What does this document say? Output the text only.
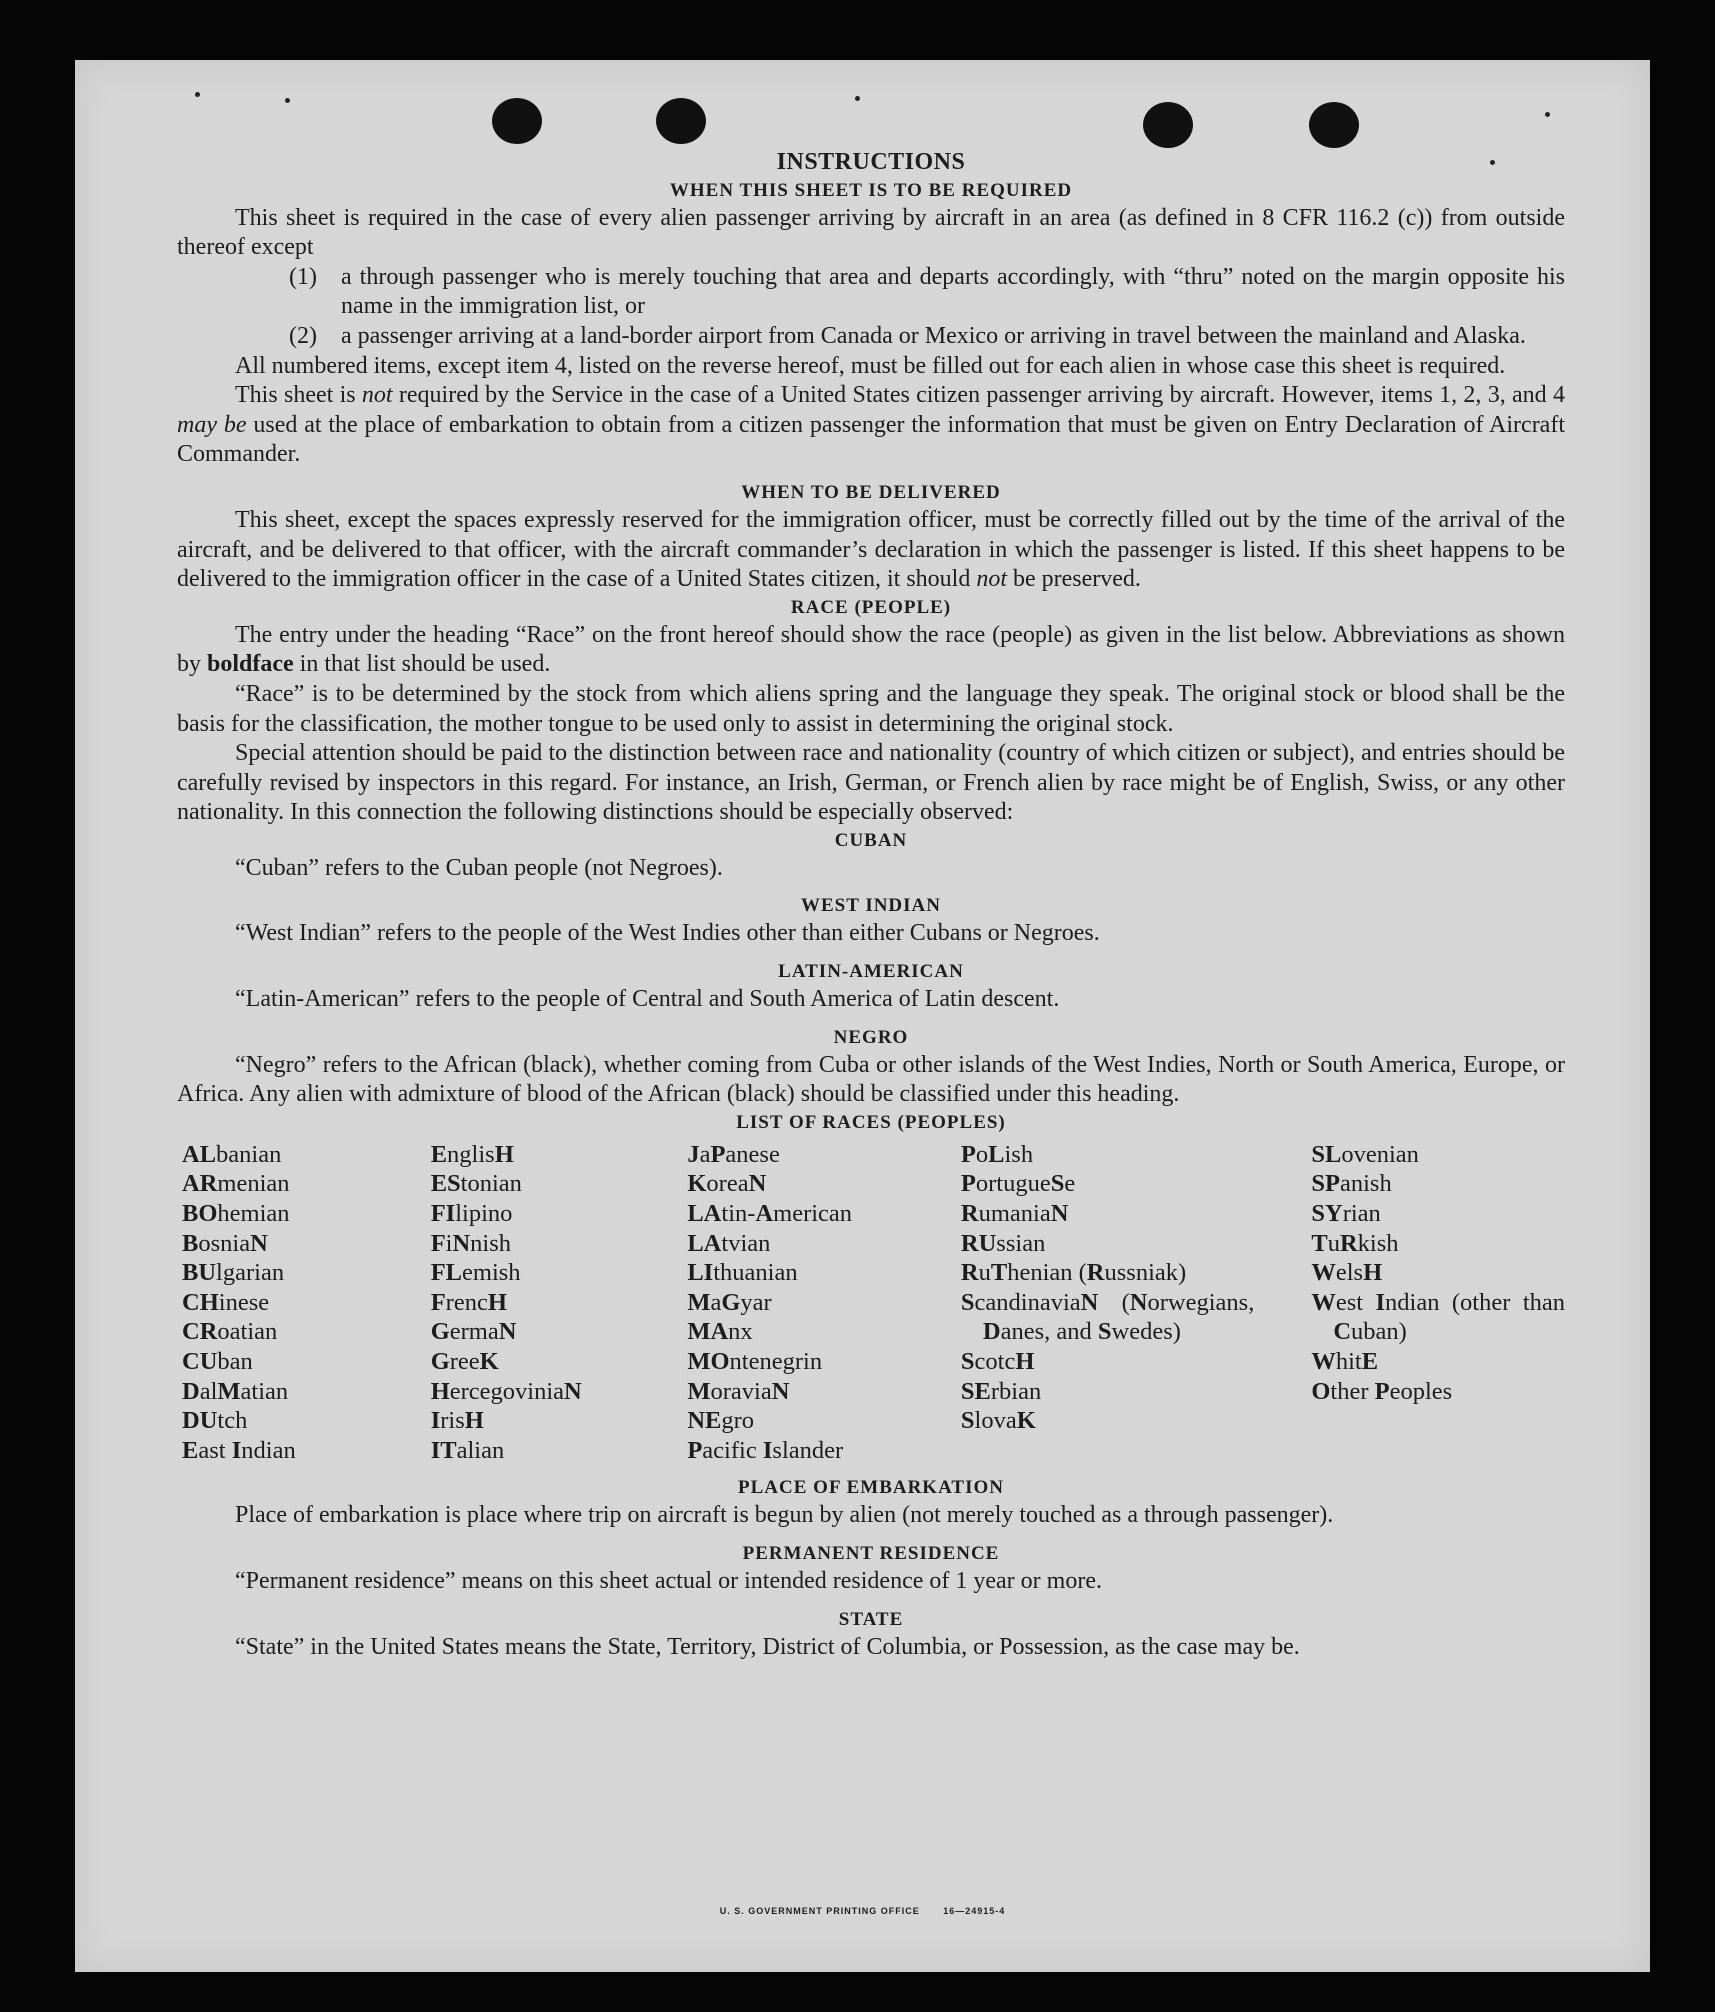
INSTRUCTIONS
WHEN THIS SHEET IS TO BE REQUIRED

This sheet is required in the case of every alien passenger arriving by aircraft in an area (as defined in 8 CFR 116.2 (c)) from outside thereof except

(1)	a through passenger who is merely touching that area and departs accordingly, with “thru” noted on the margin opposite his name in the immigration list, or
(2)	a passenger arriving at a land-border airport from Canada or Mexico or arriving in travel between the mainland and Alaska.

All numbered items, except item 4, listed on the reverse hereof, must be filled out for each alien in whose case this sheet is required.

This sheet is not required by the Service in the case of a United States citizen passenger arriving by aircraft. However, items 1, 2, 3, and 4 may be used at the place of embarkation to obtain from a citizen passenger the information that must be given on Entry Declaration of Aircraft Commander.

WHEN TO BE DELIVERED

This sheet, except the spaces expressly reserved for the immigration officer, must be correctly filled out by the time of the arrival of the aircraft, and be delivered to that officer, with the aircraft commander’s declaration in which the passenger is listed. If this sheet happens to be delivered to the immigration officer in the case of a United States citizen, it should not be preserved.

RACE (PEOPLE)

The entry under the heading “Race” on the front hereof should show the race (people) as given in the list below. Abbreviations as shown by boldface in that list should be used.

“Race” is to be determined by the stock from which aliens spring and the language they speak. The original stock or blood shall be the basis for the classification, the mother tongue to be used only to assist in determining the original stock.

Special attention should be paid to the distinction between race and nationality (country of which citizen or subject), and entries should be carefully revised by inspectors in this regard. For instance, an Irish, German, or French alien by race might be of English, Swiss, or any other nationality. In this connection the following distinctions should be especially observed:

CUBAN

“Cuban” refers to the Cuban people (not Negroes).

WEST INDIAN

“West Indian” refers to the people of the West Indies other than either Cubans or Negroes.

LATIN-AMERICAN

“Latin-American” refers to the people of Central and South America of Latin descent.

NEGRO

“Negro” refers to the African (black), whether coming from Cuba or other islands of the West Indies, North or South America, Europe, or Africa. Any alien with admixture of blood of the African (black) should be classified under this heading.

LIST OF RACES (PEOPLES)
ALbanian
ARmenian
BOhemian
BosniaN
BUlgarian
CHinese
CRoatian
CUban
DalMatian
DUtch
East Indian
EnglisH
EStonian
FIlipino
FiNnish
FLemish
FrencH
GermaN
GreeK
HercegoviniaN
IrisH
ITalian
JaPanese
KoreaN
LAtin-American
LAtvian
LIthuanian
MaGyar
MAnx
MOntenegrin
MoraviaN
NEgro
Pacific Islander
PoLish
PortugueSe
RumaniaN
RUssian
RuThenian (Russniak)
ScandinaviaN (Norwegians, Danes, and Swedes)
ScotcH
SErbian
SlovaK
SLovenian
SPanish
SYrian
TuRkish
WelsH
West Indian (other than Cuban)
WhitE
Other Peoples
PLACE OF EMBARKATION

Place of embarkation is place where trip on aircraft is begun by alien (not merely touched as a through passenger).

PERMANENT RESIDENCE

“Permanent residence” means on this sheet actual or intended residence of 1 year or more.

STATE

“State” in the United States means the State, Territory, District of Columbia, or Possession, as the case may be.

U. S. GOVERNMENT PRINTING OFFICE	16—24915-4
